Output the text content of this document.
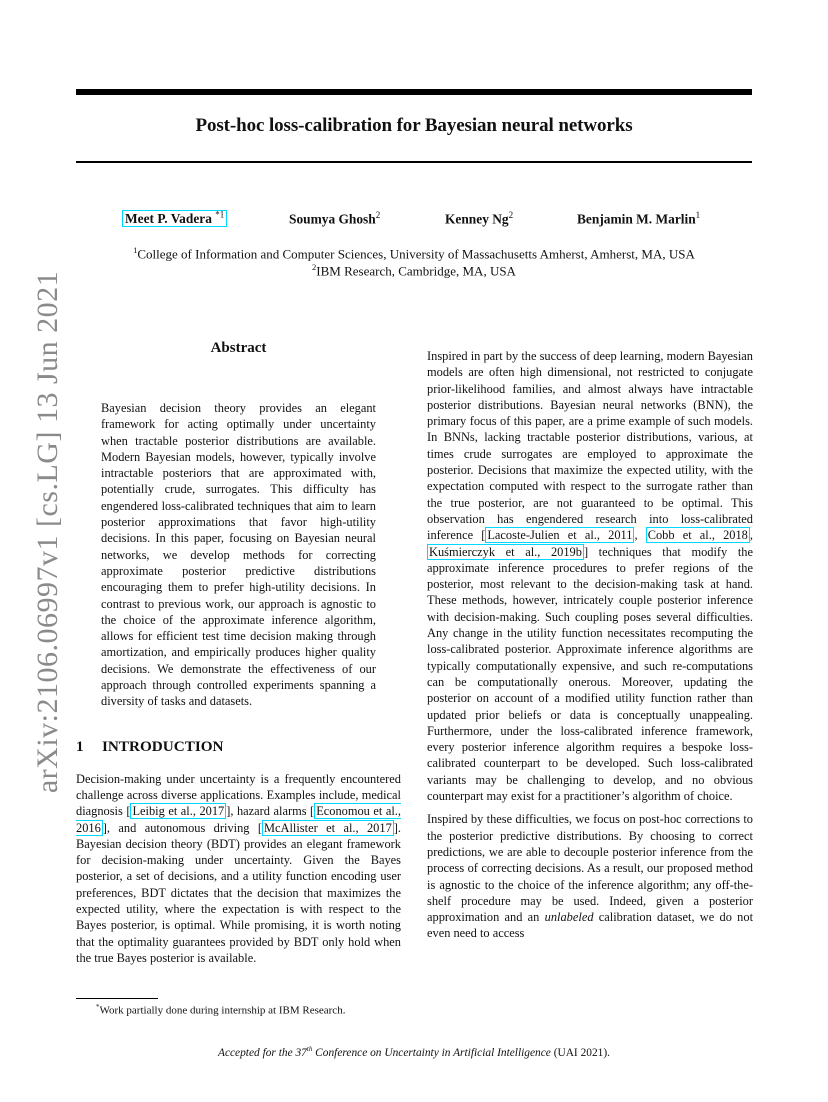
Post-hoc loss-calibration for Bayesian neural networks
Meet P. Vadera $^{*1}$	Soumya Ghosh$^2$	Kenney Ng$^2$	Benjamin M. Marlin$^1$
$^1$College of Information and Computer Sciences, University of Massachusetts Amherst, Amherst, MA, USA
$^2$IBM Research, Cambridge, MA, USA
arXiv:2106.06997v1 [cs.LG] 13 Jun 2021	Abstract
Bayesian decision theory provides an elegant framework for acting optimally under uncertainty when tractable posterior distributions are available. Modern Bayesian models, however, typically involve intractable posteriors that are approximated with, potentially crude, surrogates. This difficulty has engendered loss-calibrated techniques that aim to learn posterior approximations that favor high-utility decisions. In this paper, focusing on Bayesian neural networks, we develop methods for correcting approximate posterior predictive distributions encouraging them to prefer high-utility decisions. In contrast to previous work, our approach is agnostic to the choice of the approximate inference algorithm, allows for efficient test time decision making through amortization, and empirically produces higher quality decisions. We demonstrate the effectiveness of our approach through controlled experiments spanning a diversity of tasks and datasets.
1 INTRODUCTION

Decision-making under uncertainty is a frequently encountered challenge across diverse applications. Examples include, medical diagnosis [ Leibig et al., 2017 ], hazard alarms [ Economou et al., 2016 ], and autonomous driving [ McAllister et al., 2017 ]. Bayesian decision theory (BDT) provides an elegant framework for decision-making under uncertainty. Given the Bayes posterior, a set of decisions, and a utility function encoding user preferences, BDT dictates that the decision that maximizes the expected utility, where the expectation is with respect to the Bayes posterior, is optimal. While promising, it is worth noting that the optimality guarantees provided by BDT only hold when the true Bayes posterior is available.

Inspired in part by the success of deep learning, modern Bayesian models are often high dimensional, not restricted to conjugate prior-likelihood families, and almost always have intractable posterior distributions. Bayesian neural networks (BNN), the primary focus of this paper, are a prime example of such models. In BNNs, lacking tractable posterior distributions, various, at times crude surrogates are employed to approximate the posterior. Decisions that maximize the expected utility, with the expectation computed with respect to the surrogate rather than the true posterior, are not guaranteed to be optimal. This observation has engendered research into loss-calibrated inference [ Lacoste-Julien et al., 2011 , Cobb et al., 2018 , Kuśmierczyk et al., 2019b ] techniques that modify the approximate inference procedures to prefer regions of the posterior, most relevant to the decision-making task at hand. These methods, however, intricately couple posterior inference with decision-making. Such coupling poses several difficulties. Any change in the utility function necessitates recomputing the loss-calibrated posterior. Approximate inference algorithms are typically computationally expensive, and such re-computations can be computationally onerous. Moreover, updating the posterior on account of a modified utility function rather than updated prior beliefs or data is conceptually unappealing. Furthermore, under the loss-calibrated inference framework, every posterior inference algorithm requires a bespoke loss-calibrated counterpart to be developed. Such loss-calibrated variants may be challenging to develop, and no obvious counterpart may exist for a practitioner’s algorithm of choice.

Inspired by these difficulties, we focus on post-hoc corrections to the posterior predictive distributions. By choosing to correct predictions, we are able to decouple posterior inference from the process of correcting decisions. As a result, our proposed method is agnostic to the choice of the inference algorithm; any off-the-shelf procedure may be used. Indeed, given a posterior approximation and an unlabeled calibration dataset, we do not even need to access

*Work partially done during internship at IBM Research.
Accepted for the 37th Conference on Uncertainty in Artificial Intelligence (UAI 2021).
